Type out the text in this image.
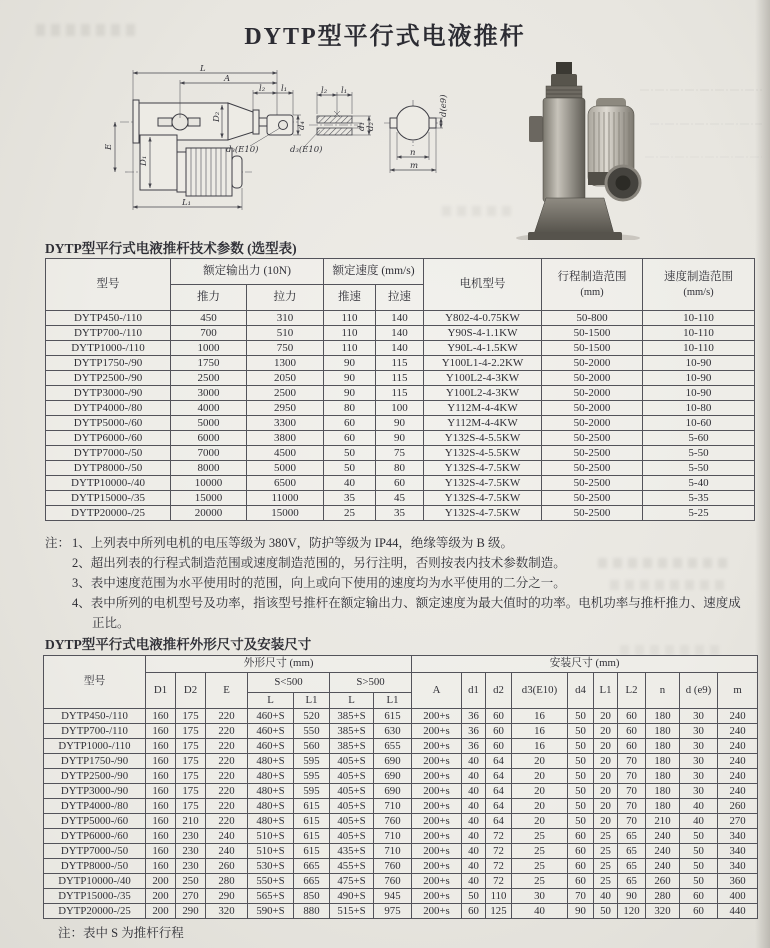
DYTP型平行式电液推杆
L
A
l₂ l₁
D₂
d₄
d₃(E10)
E
D₁
L₁
l₂ l₁
d₁ d₂
d₃(E10)
d(e9)
n
m
DYTP型平行式电液推杆技术参数 (选型表)
型号	额定输出力 (10N)		额定速度 (mm/s)		电机型号	行程制造范围
(mm)	速度制造范围
(mm/s)
	推力	拉力	推速	拉速			
DYTP450-/110	450	310	110	140	Y802-4-0.75KW	50-800	10-110
DYTP700-/110	700	510	110	140	Y90S-4-1.1KW	50-1500	10-110
DYTP1000-/110	1000	750	110	140	Y90L-4-1.5KW	50-1500	10-110
DYTP1750-/90	1750	1300	90	115	Y100L1-4-2.2KW	50-2000	10-90
DYTP2500-/90	2500	2050	90	115	Y100L2-4-3KW	50-2000	10-90
DYTP3000-/90	3000	2500	90	115	Y100L2-4-3KW	50-2000	10-90
DYTP4000-/80	4000	2950	80	100	Y112M-4-4KW	50-2000	10-80
DYTP5000-/60	5000	3300	60	90	Y112M-4-4KW	50-2000	10-60
DYTP6000-/60	6000	3800	60	90	Y132S-4-5.5KW	50-2500	5-60
DYTP7000-/50	7000	4500	50	75	Y132S-4-5.5KW	50-2500	5-50
DYTP8000-/50	8000	5000	50	80	Y132S-4-7.5KW	50-2500	5-50
DYTP10000-/40	10000	6500	40	60	Y132S-4-7.5KW	50-2500	5-40
DYTP15000-/35	15000	11000	35	45	Y132S-4-7.5KW	50-2500	5-35
DYTP20000-/25	20000	15000	25	35	Y132S-4-7.5KW	50-2500	5-25
注： 1、上列表中所列电机的电压等级为 380V，防护等级为 IP44，绝缘等级为 B 级。
2、超出列表的行程式制造范围或速度制造范围的，另行注明，否则按表内技术参数制造。
3、表中速度范围为水平使用时的范围，向上或向下使用的速度均为水平使用的二分之一。
4、表中所列的电机型号及功率，指该型号推杆在额定输出力、额定速度为最大值时的功率。电机功率与推杆推力、速度成正比。
DYTP型平行式电液推杆外形尺寸及安装尺寸
型号	外形尺寸 (mm)							安装尺寸 (mm)									
	D1	D2	E	S<500		S>500		A	d1	d2	d3(E10)	d4	L1	L2	n	d (e9)	m
				L	L1	L	L1										
DYTP450-/110	160	175	220	460+S	520	385+S	615	200+s	36	60	16	50	20	60	180	30	240
DYTP700-/110	160	175	220	460+S	550	385+S	630	200+s	36	60	16	50	20	60	180	30	240
DYTP1000-/110	160	175	220	460+S	560	385+S	655	200+s	36	60	16	50	20	60	180	30	240
DYTP1750-/90	160	175	220	480+S	595	405+S	690	200+s	40	64	20	50	20	70	180	30	240
DYTP2500-/90	160	175	220	480+S	595	405+S	690	200+s	40	64	20	50	20	70	180	30	240
DYTP3000-/90	160	175	220	480+S	595	405+S	690	200+s	40	64	20	50	20	70	180	30	240
DYTP4000-/80	160	175	220	480+S	615	405+S	710	200+s	40	64	20	50	20	70	180	40	260
DYTP5000-/60	160	210	220	480+S	615	405+S	760	200+s	40	64	20	50	20	70	210	40	270
DYTP6000-/60	160	230	240	510+S	615	405+S	710	200+s	40	72	25	60	25	65	240	50	340
DYTP7000-/50	160	230	240	510+S	615	435+S	710	200+s	40	72	25	60	25	65	240	50	340
DYTP8000-/50	160	230	260	530+S	665	455+S	760	200+s	40	72	25	60	25	65	240	50	340
DYTP10000-/40	200	250	280	550+S	665	475+S	760	200+s	40	72	25	60	25	65	260	50	360
DYTP15000-/35	200	270	290	565+S	850	490+S	945	200+s	50	110	30	70	40	90	280	60	400
DYTP20000-/25	200	290	320	590+S	880	515+S	975	200+s	60	125	40	90	50	120	320	60	440
注：表中 S 为推杆行程
